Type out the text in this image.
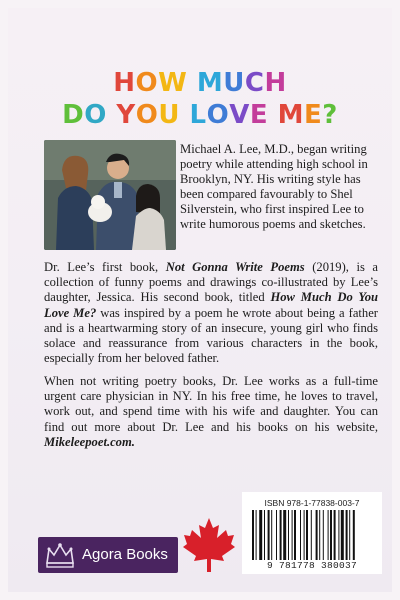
HOW MUCH
DO YOU LOVE ME?
Michael A. Lee, M.D., began writing poetry while attending high school in Brooklyn, NY. His writing style has been compared favourably to Shel Silverstein, who first inspired Lee to write humorous poems and sketches.
Dr. Lee’s first book, Not Gonna Write Poems (2019), is a collection of funny poems and drawings co-illustrated by Lee’s daughter, Jessica. His second book, titled How Much Do You Love Me? was inspired by a poem he wrote about being a father and is a heartwarming story of an insecure, young girl who finds solace and reassurance from various characters in the book, especially from her beloved father.
When not writing poetry books, Dr. Lee works as a full-time urgent care physician in NY. In his free time, he loves to travel, work out, and spend time with his wife and daughter. You can find out more about Dr. Lee and his books on his website, Mikeleepoet.com.
Agora Books
ISBN 978-1-77838-003-7
9 781778 380037
